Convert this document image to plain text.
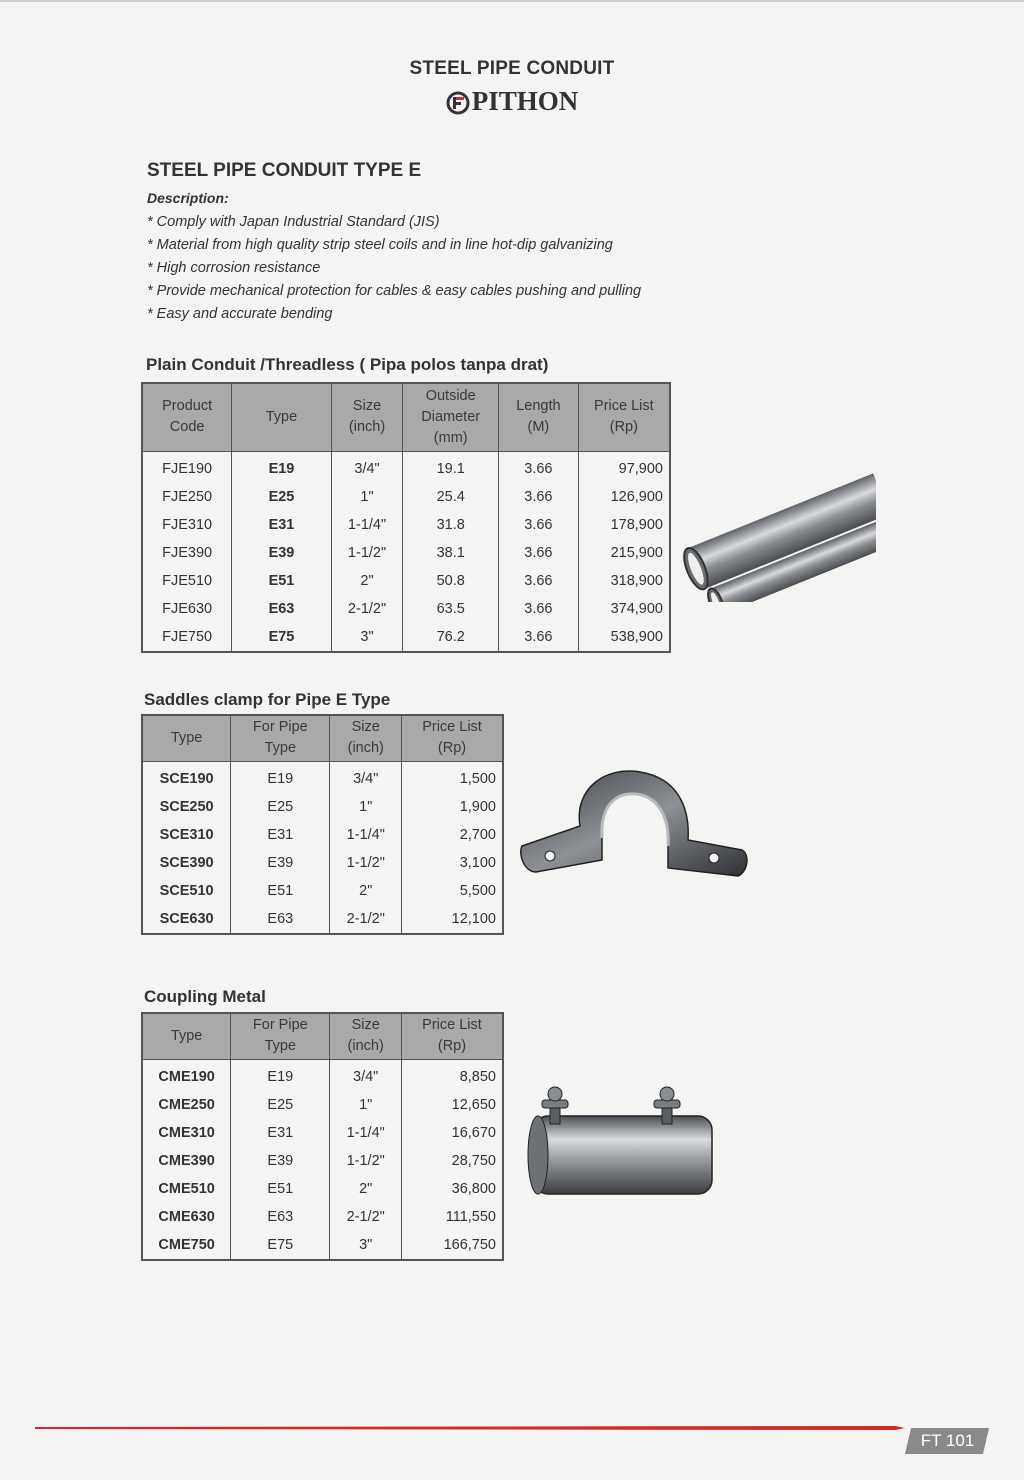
STEEL PIPE CONDUIT
PITHON
STEEL PIPE CONDUIT TYPE E
Description:
* Comply with Japan Industrial Standard (JIS)
* Material from high quality strip steel coils and in line hot-dip galvanizing
* High corrosion resistance
* Provide mechanical protection for cables & easy cables pushing and pulling
* Easy and accurate bending
Plain Conduit /Threadless ( Pipa polos tanpa drat)
Product
Code	Type	Size
(inch)	Outside
Diameter
(mm)	Length
(M)	Price List
(Rp)
FJE190	E19	3/4"	19.1	3.66	97,900
FJE250	E25	1"	25.4	3.66	126,900
FJE310	E31	1-1/4"	31.8	3.66	178,900
FJE390	E39	1-1/2"	38.1	3.66	215,900
FJE510	E51	2"	50.8	3.66	318,900
FJE630	E63	2-1/2"	63.5	3.66	374,900
FJE750	E75	3"	76.2	3.66	538,900
Saddles clamp for Pipe E Type
Type	For Pipe
Type	Size
(inch)	Price List
(Rp)
SCE190	E19	3/4"	1,500
SCE250	E25	1"	1,900
SCE310	E31	1-1/4"	2,700
SCE390	E39	1-1/2"	3,100
SCE510	E51	2"	5,500
SCE630	E63	2-1/2"	12,100
Coupling Metal
Type	For Pipe
Type	Size
(inch)	Price List
(Rp)
CME190	E19	3/4"	8,850
CME250	E25	1"	12,650
CME310	E31	1-1/4"	16,670
CME390	E39	1-1/2"	28,750
CME510	E51	2"	36,800
CME630	E63	2-1/2"	111,550
CME750	E75	3"	166,750
FT 101
